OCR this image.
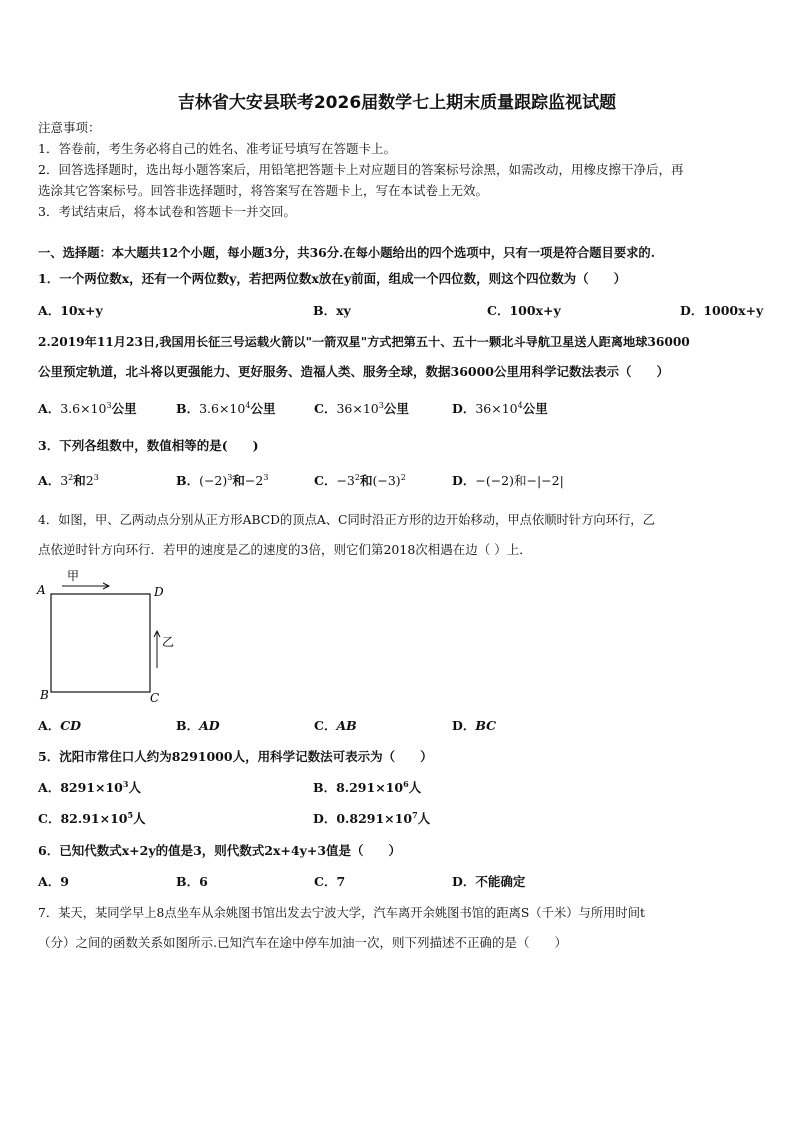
吉林省大安县联考2026届数学七上期末质量跟踪监视试题
注意事项：
1．答卷前，考生务必将自己的姓名、准考证号填写在答题卡上。
2．回答选择题时，选出每小题答案后，用铅笔把答题卡上对应题目的答案标号涂黑，如需改动，用橡皮擦干净后，再
选涂其它答案标号。回答非选择题时，将答案写在答题卡上，写在本试卷上无效。
3．考试结束后，将本试卷和答题卡一并交回。
一、选择题：本大题共12个小题，每小题3分，共36分.在每小题给出的四个选项中，只有一项是符合题目要求的.
1．一个两位数x，还有一个两位数y，若把两位数x放在y前面，组成一个四位数，则这个四位数为（　　）
A．10x+y	B．xy	C．100x+y	D．1000x+y
2.2019年11月23日,我国用长征三号运载火箭以"一箭双星"方式把第五十、五十一颗北斗导航卫星送人距离地球36000
公里预定轨道，北斗将以更强能力、更好服务、造福人类、服务全球，数据36000公里用科学记数法表示（　　）
A．$3.6\times 10^3$公里	B．$3.6\times 10^4$公里	C．$36\times 10^3$公里	D．$36\times 10^4$公里
3．下列各组数中，数值相等的是(　　)
A．$3^2$和$2^3$	B．$(-2)^3$和$-2^3$	C．$-3^2$和$(-3)^2$	D．−(−2)和−|−2|
4．如图，甲、乙两动点分别从正方形ABCD的顶点A、C同时沿正方形的边开始移动，甲点依顺时针方向环行，乙
点依逆时针方向环行．若甲的速度是乙的速度的3倍，则它们第2018次相遇在边（ ）上．
A	D
B	C
甲
乙
A．CD	B．AD	C．AB	D．BC
5．沈阳市常住口人约为8291000人，用科学记数法可表示为（　　）
A．$8291\times 10^3$人	B．$8.291\times 10^6$人
C．$82.91\times 10^5$人	D．$0.8291\times 10^7$人
6．已知代数式x+2y的值是3，则代数式2x+4y+3值是（　　）
A．9	B．6	C．7	D．不能确定
7．某天，某同学早上8点坐车从余姚图书馆出发去宁波大学，汽车离开余姚图书馆的距离S（千米）与所用时间t
（分）之间的函数关系如图所示.已知汽车在途中停车加油一次，则下列描述不正确的是（　　）
